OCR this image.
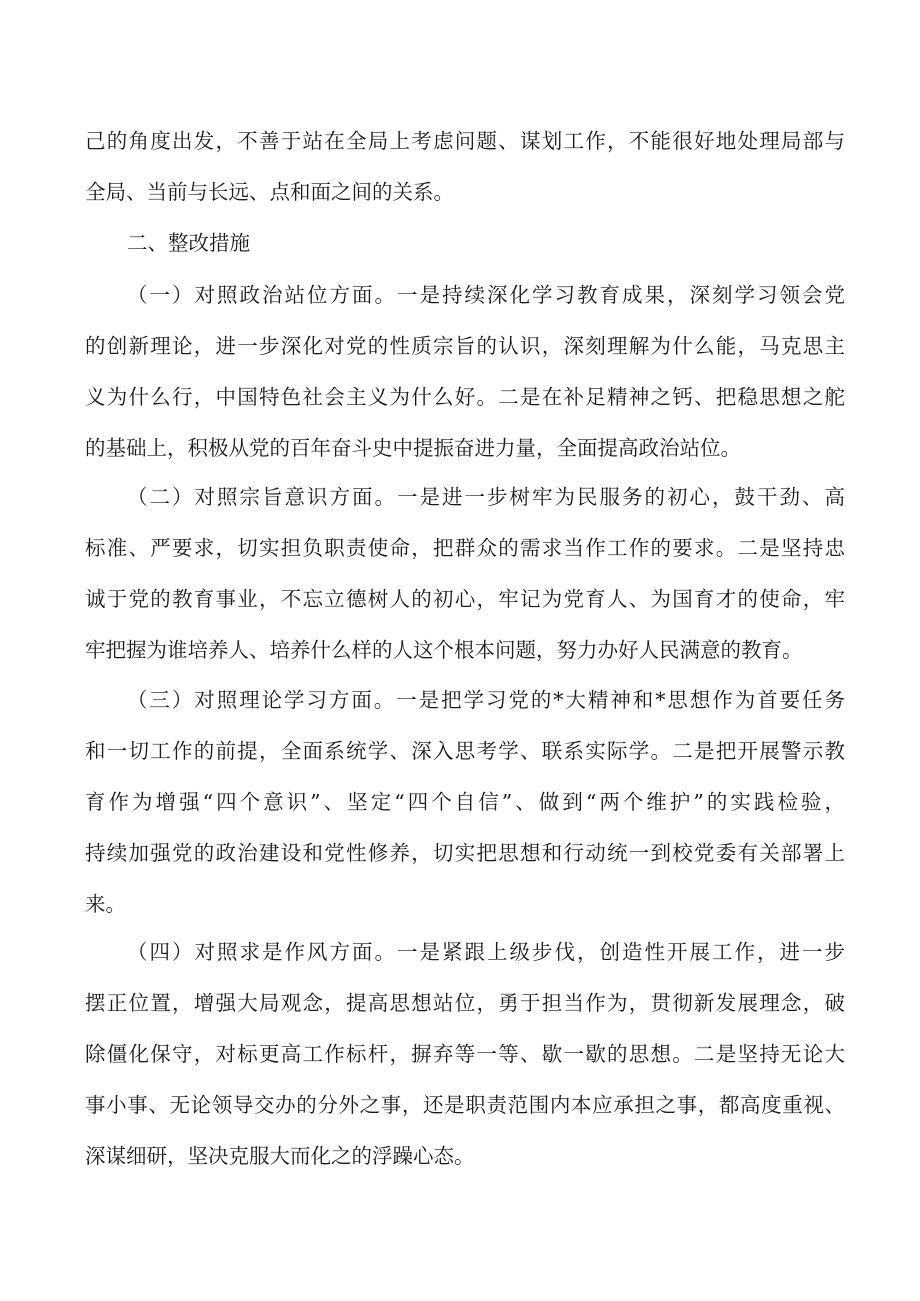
己的角度出发，不善于站在全局上考虑问题、谋划工作，不能很好地处理局部与
全局、当前与长远、点和面之间的关系。
二、整改措施
（一）对照政治站位方面。一是持续深化学习教育成果，深刻学习领会党
的创新理论，进一步深化对党的性质宗旨的认识，深刻理解为什么能，马克思主
义为什么行，中国特色社会主义为什么好。二是在补足精神之钙、把稳思想之舵
的基础上，积极从党的百年奋斗史中提振奋进力量，全面提高政治站位。
（二）对照宗旨意识方面。一是进一步树牢为民服务的初心，鼓干劲、高
标准、严要求，切实担负职责使命，把群众的需求当作工作的要求。二是坚持忠
诚于党的教育事业，不忘立德树人的初心，牢记为党育人、为国育才的使命，牢
牢把握为谁培养人、培养什么样的人这个根本问题，努力办好人民满意的教育。
（三）对照理论学习方面。一是把学习党的*大精神和*思想作为首要任务
和一切工作的前提，全面系统学、深入思考学、联系实际学。二是把开展警示教
育作为增强“四个意识”、坚定“四个自信”、做到“两个维护”的实践检验，
持续加强党的政治建设和党性修养，切实把思想和行动统一到校党委有关部署上
来。
（四）对照求是作风方面。一是紧跟上级步伐，创造性开展工作，进一步
摆正位置，增强大局观念，提高思想站位，勇于担当作为，贯彻新发展理念，破
除僵化保守，对标更高工作标杆，摒弃等一等、歇一歇的思想。二是坚持无论大
事小事、无论领导交办的分外之事，还是职责范围内本应承担之事，都高度重视、
深谋细研，坚决克服大而化之的浮躁心态。
